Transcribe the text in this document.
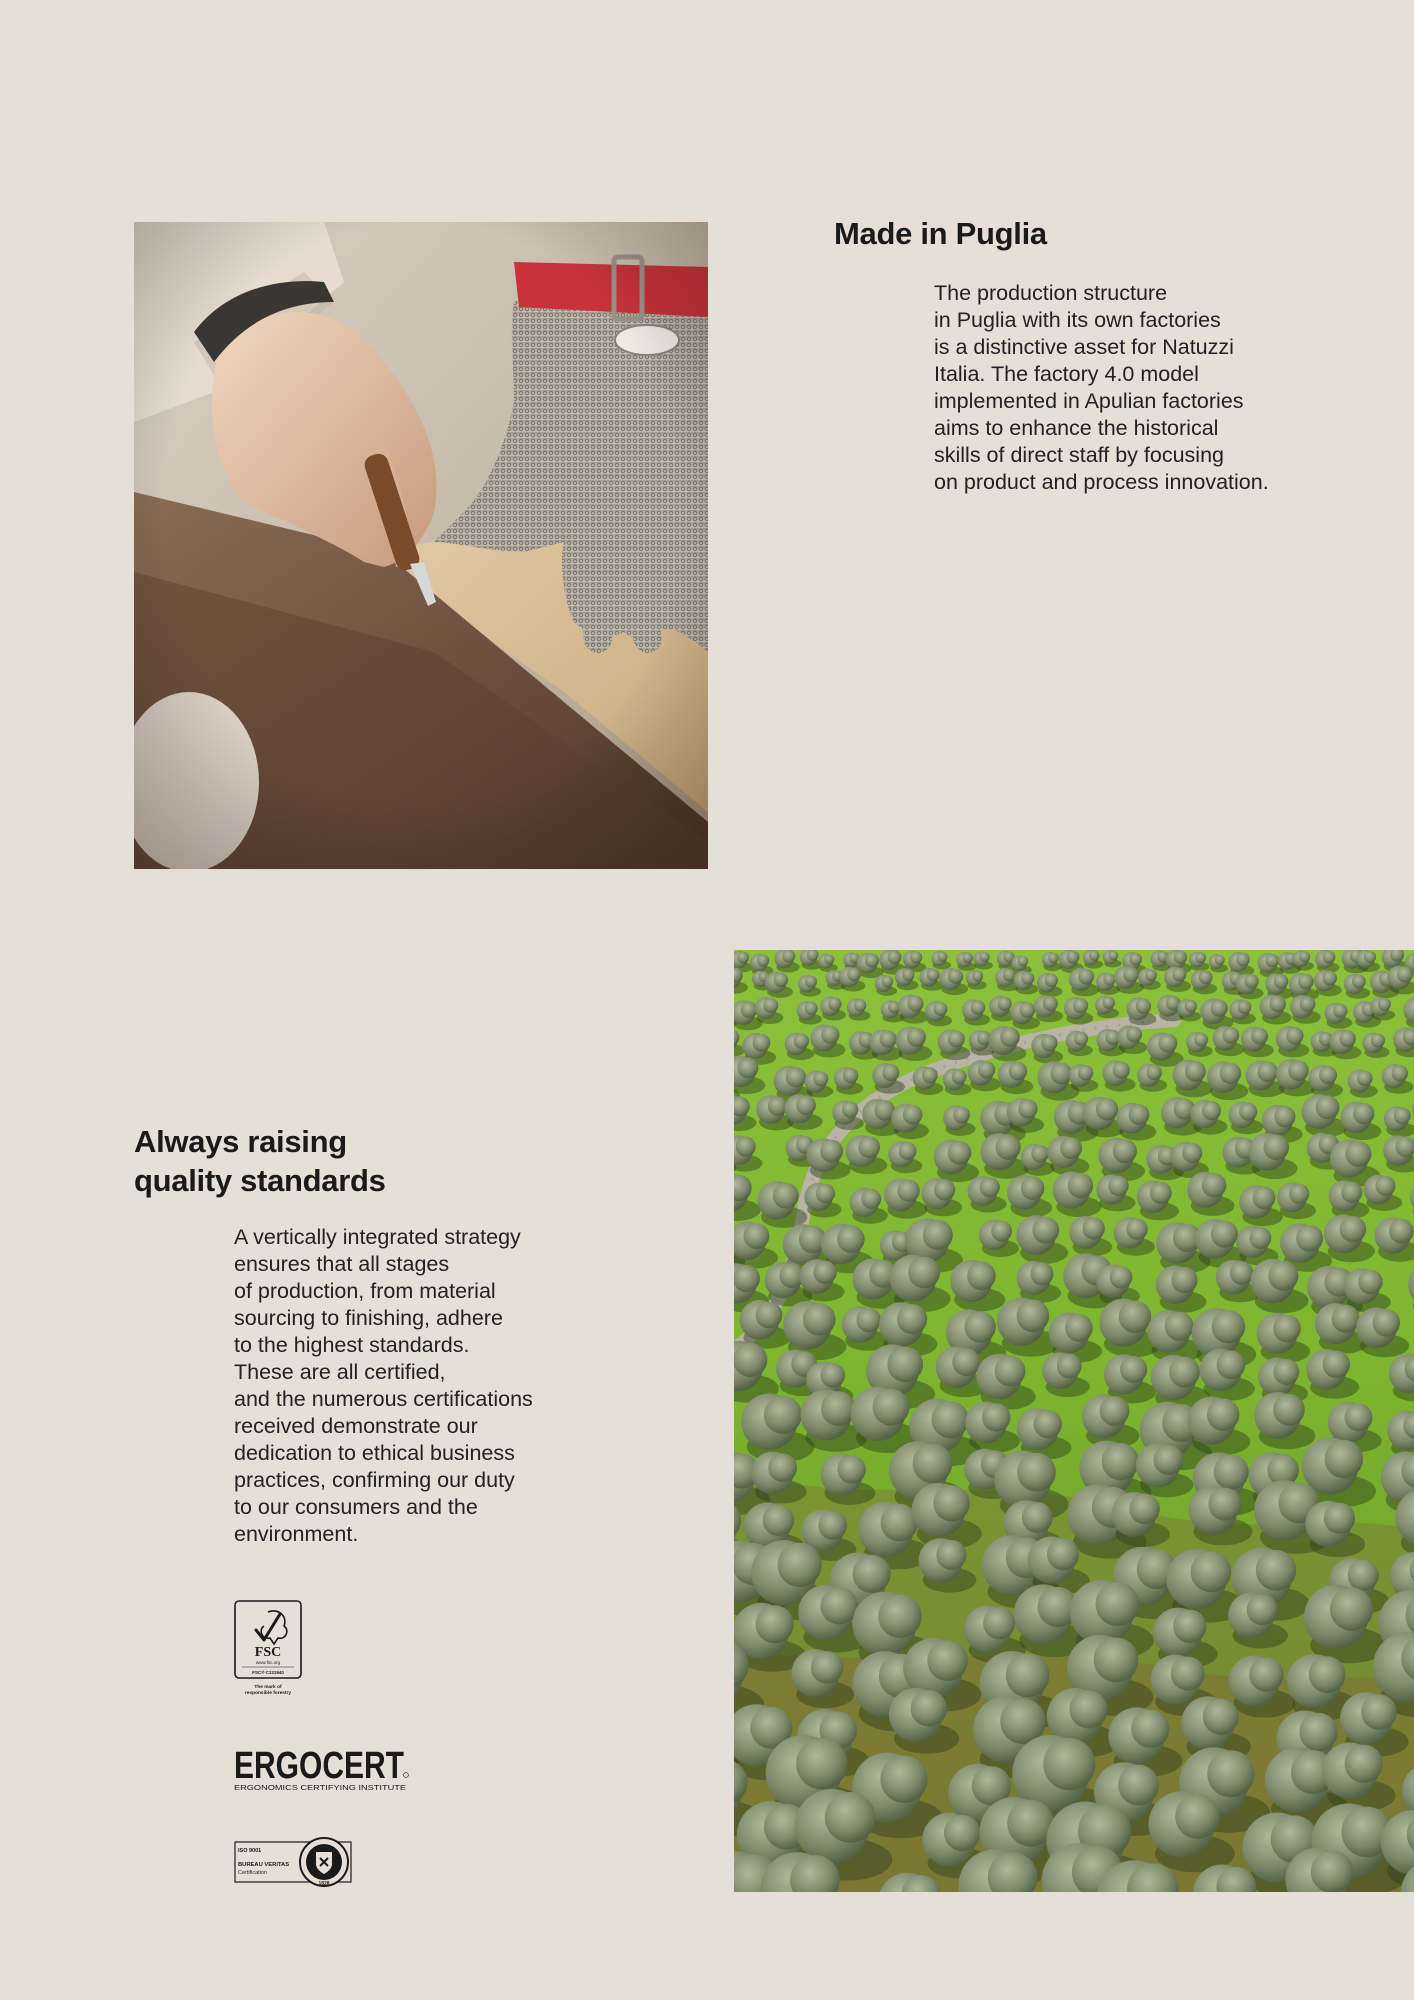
Made in Puglia

The production structure
in Puglia with its own factories
is a distinctive asset for Natuzzi
Italia. The factory 4.0 model
implemented in Apulian factories
aims to enhance the historical
skills of direct staff by focusing
on product and process innovation.

Always raising
quality standards

A vertically integrated strategy
ensures that all stages
of production, from material
sourcing to finishing, adhere
to the highest standards.
These are all certified,
and the numerous certifications
received demonstrate our
dedication to ethical business
practices, confirming our duty
to our consumers and the
environment.

FSC
www.fsc.org
FSC® C131940
The mark of
responsible forestry
ERGOCERT
ERGONOMICS CERTIFYING INSTITUTE
ISO 9001
BUREAU VERITAS
Certification
1828
